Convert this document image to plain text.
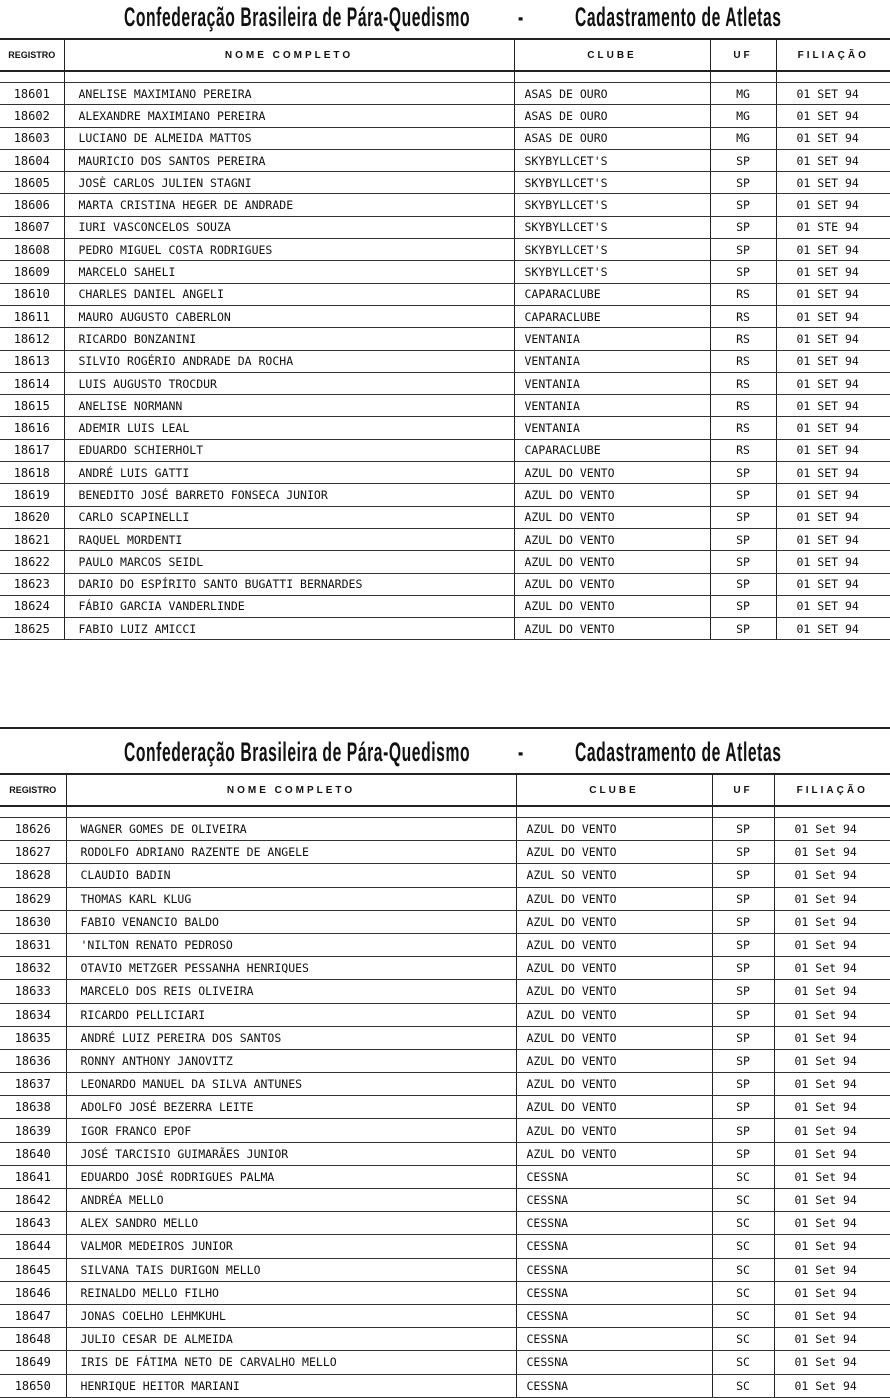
Confederação Brasileira de Pára-Quedismo - Cadastramento de Atletas
REGISTRO	NOME COMPLETO	CLUBE	UF	FILIAÇÃO

18601	ANELISE MAXIMIANO PEREIRA	ASAS DE OURO	MG	01 SET 94
18602	ALEXANDRE MAXIMIANO PEREIRA	ASAS DE OURO	MG	01 SET 94
18603	LUCIANO DE ALMEIDA MATTOS	ASAS DE OURO	MG	01 SET 94
18604	MAURICIO DOS SANTOS PEREIRA	SKYBYLLCET'S	SP	01 SET 94
18605	JOSÈ CARLOS JULIEN STAGNI	SKYBYLLCET'S	SP	01 SET 94
18606	MARTA CRISTINA HEGER DE ANDRADE	SKYBYLLCET'S	SP	01 SET 94
18607	IURI VASCONCELOS SOUZA	SKYBYLLCET'S	SP	01 STE 94
18608	PEDRO MIGUEL COSTA RODRIGUES	SKYBYLLCET'S	SP	01 SET 94
18609	MARCELO SAHELI	SKYBYLLCET'S	SP	01 SET 94
18610	CHARLES DANIEL ANGELI	CAPARACLUBE	RS	01 SET 94
18611	MAURO AUGUSTO CABERLON	CAPARACLUBE	RS	01 SET 94
18612	RICARDO BONZANINI	VENTANIA	RS	01 SET 94
18613	SILVIO ROGÉRIO ANDRADE DA ROCHA	VENTANIA	RS	01 SET 94
18614	LUIS AUGUSTO TROCDUR	VENTANIA	RS	01 SET 94
18615	ANELISE NORMANN	VENTANIA	RS	01 SET 94
18616	ADEMIR LUIS LEAL	VENTANIA	RS	01 SET 94
18617	EDUARDO SCHIERHOLT	CAPARACLUBE	RS	01 SET 94
18618	ANDRÉ LUIS GATTI	AZUL DO VENTO	SP	01 SET 94
18619	BENEDITO JOSÉ BARRETO FONSECA JUNIOR	AZUL DO VENTO	SP	01 SET 94
18620	CARLO SCAPINELLI	AZUL DO VENTO	SP	01 SET 94
18621	RAQUEL MORDENTI	AZUL DO VENTO	SP	01 SET 94
18622	PAULO MARCOS SEIDL	AZUL DO VENTO	SP	01 SET 94
18623	DARIO DO ESPÍRITO SANTO BUGATTI BERNARDES	AZUL DO VENTO	SP	01 SET 94
18624	FÁBIO GARCIA VANDERLINDE	AZUL DO VENTO	SP	01 SET 94
18625	FABIO LUIZ AMICCI	AZUL DO VENTO	SP	01 SET 94
Confederação Brasileira de Pára-Quedismo - Cadastramento de Atletas
REGISTRO	NOME COMPLETO	CLUBE	UF	FILIAÇÃO

18626	WAGNER GOMES DE OLIVEIRA	AZUL DO VENTO	SP	01 Set 94
18627	RODOLFO ADRIANO RAZENTE DE ANGELE	AZUL DO VENTO	SP	01 Set 94
18628	CLAUDIO BADIN	AZUL SO VENTO	SP	01 Set 94
18629	THOMAS KARL KLUG	AZUL DO VENTO	SP	01 Set 94
18630	FABIO VENANCIO BALDO	AZUL DO VENTO	SP	01 Set 94
18631	'NILTON RENATO PEDROSO	AZUL DO VENTO	SP	01 Set 94
18632	OTAVIO METZGER PESSANHA HENRIQUES	AZUL DO VENTO	SP	01 Set 94
18633	MARCELO DOS REIS OLIVEIRA	AZUL DO VENTO	SP	01 Set 94
18634	RICARDO PELLICIARI	AZUL DO VENTO	SP	01 Set 94
18635	ANDRÉ LUIZ PEREIRA DOS SANTOS	AZUL DO VENTO	SP	01 Set 94
18636	RONNY ANTHONY JANOVITZ	AZUL DO VENTO	SP	01 Set 94
18637	LEONARDO MANUEL DA SILVA ANTUNES	AZUL DO VENTO	SP	01 Set 94
18638	ADOLFO JOSÉ BEZERRA LEITE	AZUL DO VENTO	SP	01 Set 94
18639	IGOR FRANCO EPOF	AZUL DO VENTO	SP	01 Set 94
18640	JOSÉ TARCISIO GUIMARÃES JUNIOR	AZUL DO VENTO	SP	01 Set 94
18641	EDUARDO JOSÉ RODRIGUES PALMA	CESSNA	SC	01 Set 94
18642	ANDRÉA MELLO	CESSNA	SC	01 Set 94
18643	ALEX SANDRO MELLO	CESSNA	SC	01 Set 94
18644	VALMOR MEDEIROS JUNIOR	CESSNA	SC	01 Set 94
18645	SILVANA TAIS DURIGON MELLO	CESSNA	SC	01 Set 94
18646	REINALDO MELLO FILHO	CESSNA	SC	01 Set 94
18647	JONAS COELHO LEHMKUHL	CESSNA	SC	01 Set 94
18648	JULIO CESAR DE ALMEIDA	CESSNA	SC	01 Set 94
18649	IRIS DE FÁTIMA NETO DE CARVALHO MELLO	CESSNA	SC	01 Set 94
18650	HENRIQUE HEITOR MARIANI	CESSNA	SC	01 Set 94
